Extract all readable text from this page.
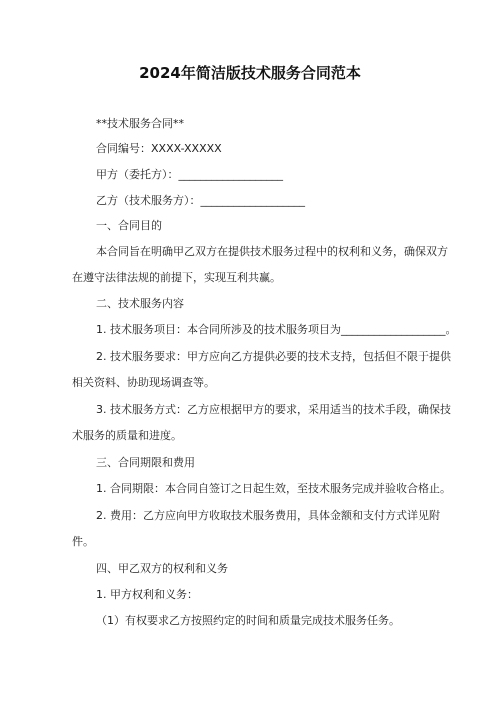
2024年简洁版技术服务合同范本
**技术服务合同**
合同编号：XXXX-XXXXX
甲方（委托方）：___________________
乙方（技术服务方）：___________________
一、合同目的
本合同旨在明确甲乙双方在提供技术服务过程中的权利和义务，确保双方
在遵守法律法规的前提下，实现互利共赢。
二、技术服务内容
1. 技术服务项目：本合同所涉及的技术服务项目为___________________。
2. 技术服务要求：甲方应向乙方提供必要的技术支持，包括但不限于提供
相关资料、协助现场调查等。
3. 技术服务方式：乙方应根据甲方的要求，采用适当的技术手段，确保技
术服务的质量和进度。
三、合同期限和费用
1. 合同期限：本合同自签订之日起生效，至技术服务完成并验收合格止。
2. 费用：乙方应向甲方收取技术服务费用，具体金额和支付方式详见附
件。
四、甲乙双方的权利和义务
1. 甲方权利和义务：
（1）有权要求乙方按照约定的时间和质量完成技术服务任务。
